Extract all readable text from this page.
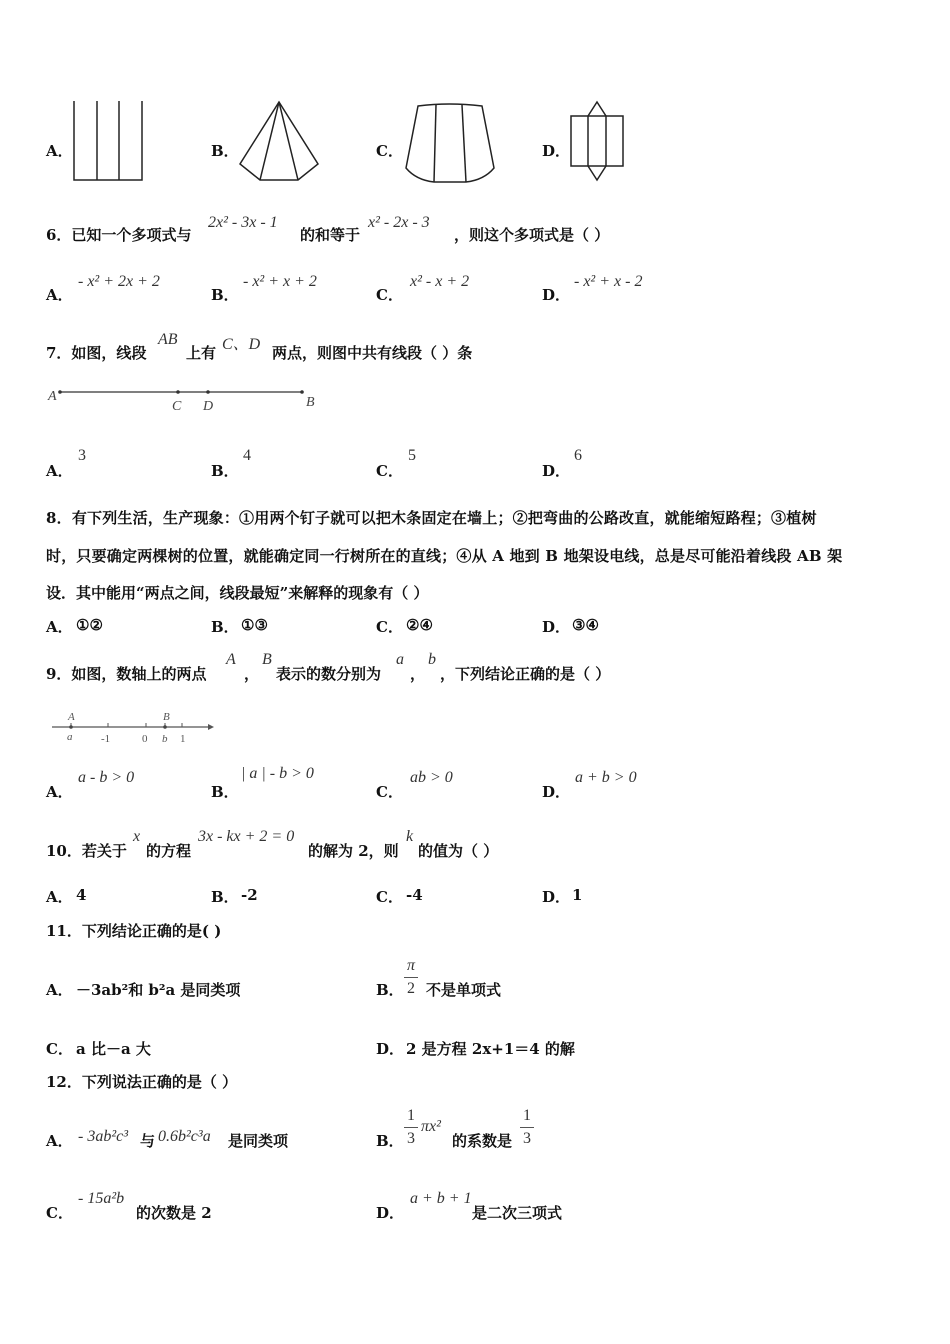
A．	B．	C．	D．
6．已知一个多项式与
2x² - 3x - 1
的和等于
x² - 2x - 3
，则这个多项式是（ ）
A．
- x² + 2x + 2
B．
- x² + x + 2
C．
x² - x + 2
D．
- x² + x - 2
7．如图，线段
AB
上有 C、D 两点，则图中共有线段（ ）条
A
C D	B
A．
3
B．
4
C．
5
D．
6
8．有下列生活，生产现象：①用两个钉子就可以把木条固定在墙上；②把弯曲的公路改直，就能缩短路程；③植树
时，只要确定两棵树的位置，就能确定同一行树所在的直线；④从 A 地到 B 地架设电线，总是尽可能沿着线段 AB 架
设．其中能用“两点之间，线段最短”来解释的现象有（ ）
A． ①②	B． ①③	C． ②④	D． ③④
9．如图，数轴上的两点
A
，
B
表示的数分别为
a
，
b
，下列结论正确的是（ ）
A	B
a	-1	0 b 1
A．
a - b > 0
B．
| a | - b > 0
C．
ab > 0
D．
a + b > 0
10．若关于
x
的方程
3x - kx + 2 = 0
的解为 2，则
k
的值为（ ）
A． 4	B． -2	C． -4	D． 1
11．下列结论正确的是( )
A． －3ab²和 b²a 是同类项	B． $\frac{\pi}{2}$ 不是单项式
C． a 比－a 大	D． 2 是方程 2x+1＝4 的解
12．下列说法正确的是（ ）
A． - 3ab²c³ 与 0.6b²c³a 是同类项	B． $\frac{1}{3} \pi x^2$
的系数是 $\frac{1}{3}$
C．
- 15a²b
的次数是 2	D．
a + b + 1
是二次三项式
